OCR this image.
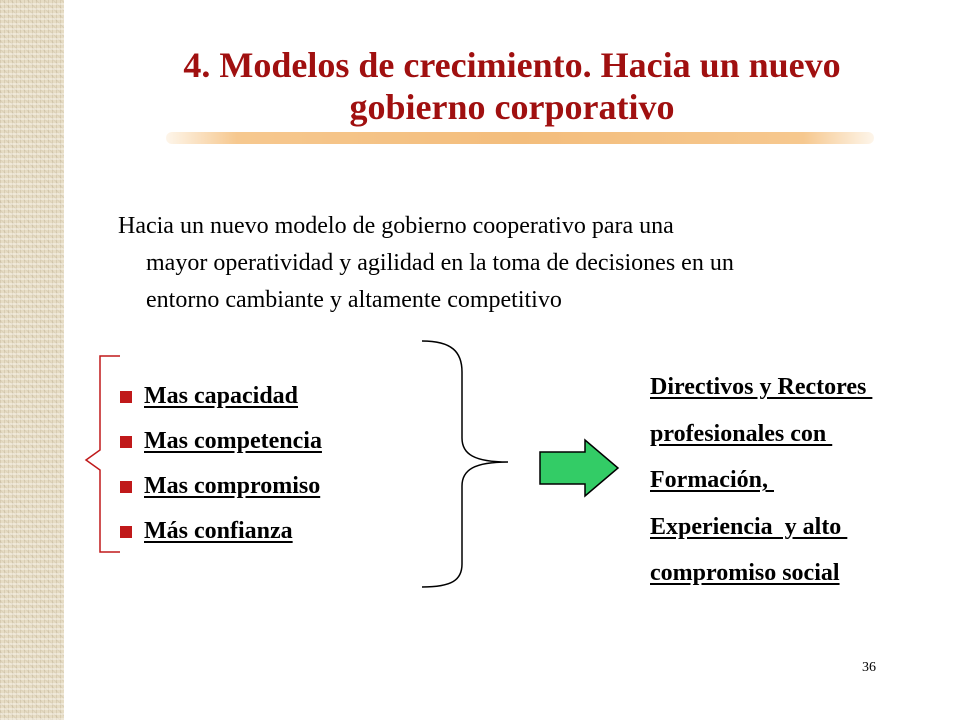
4. Modelos de crecimiento. Hacia un nuevo
gobierno corporativo
Hacia un nuevo modelo de gobierno cooperativo para una
mayor operatividad y agilidad en la toma de decisiones en un
entorno cambiante y altamente competitivo
Mas capacidad
Mas competencia
Mas compromiso
Más confianza
Directivos y Rectores
profesionales con
Formación,
Experiencia  y alto
compromiso social
36
